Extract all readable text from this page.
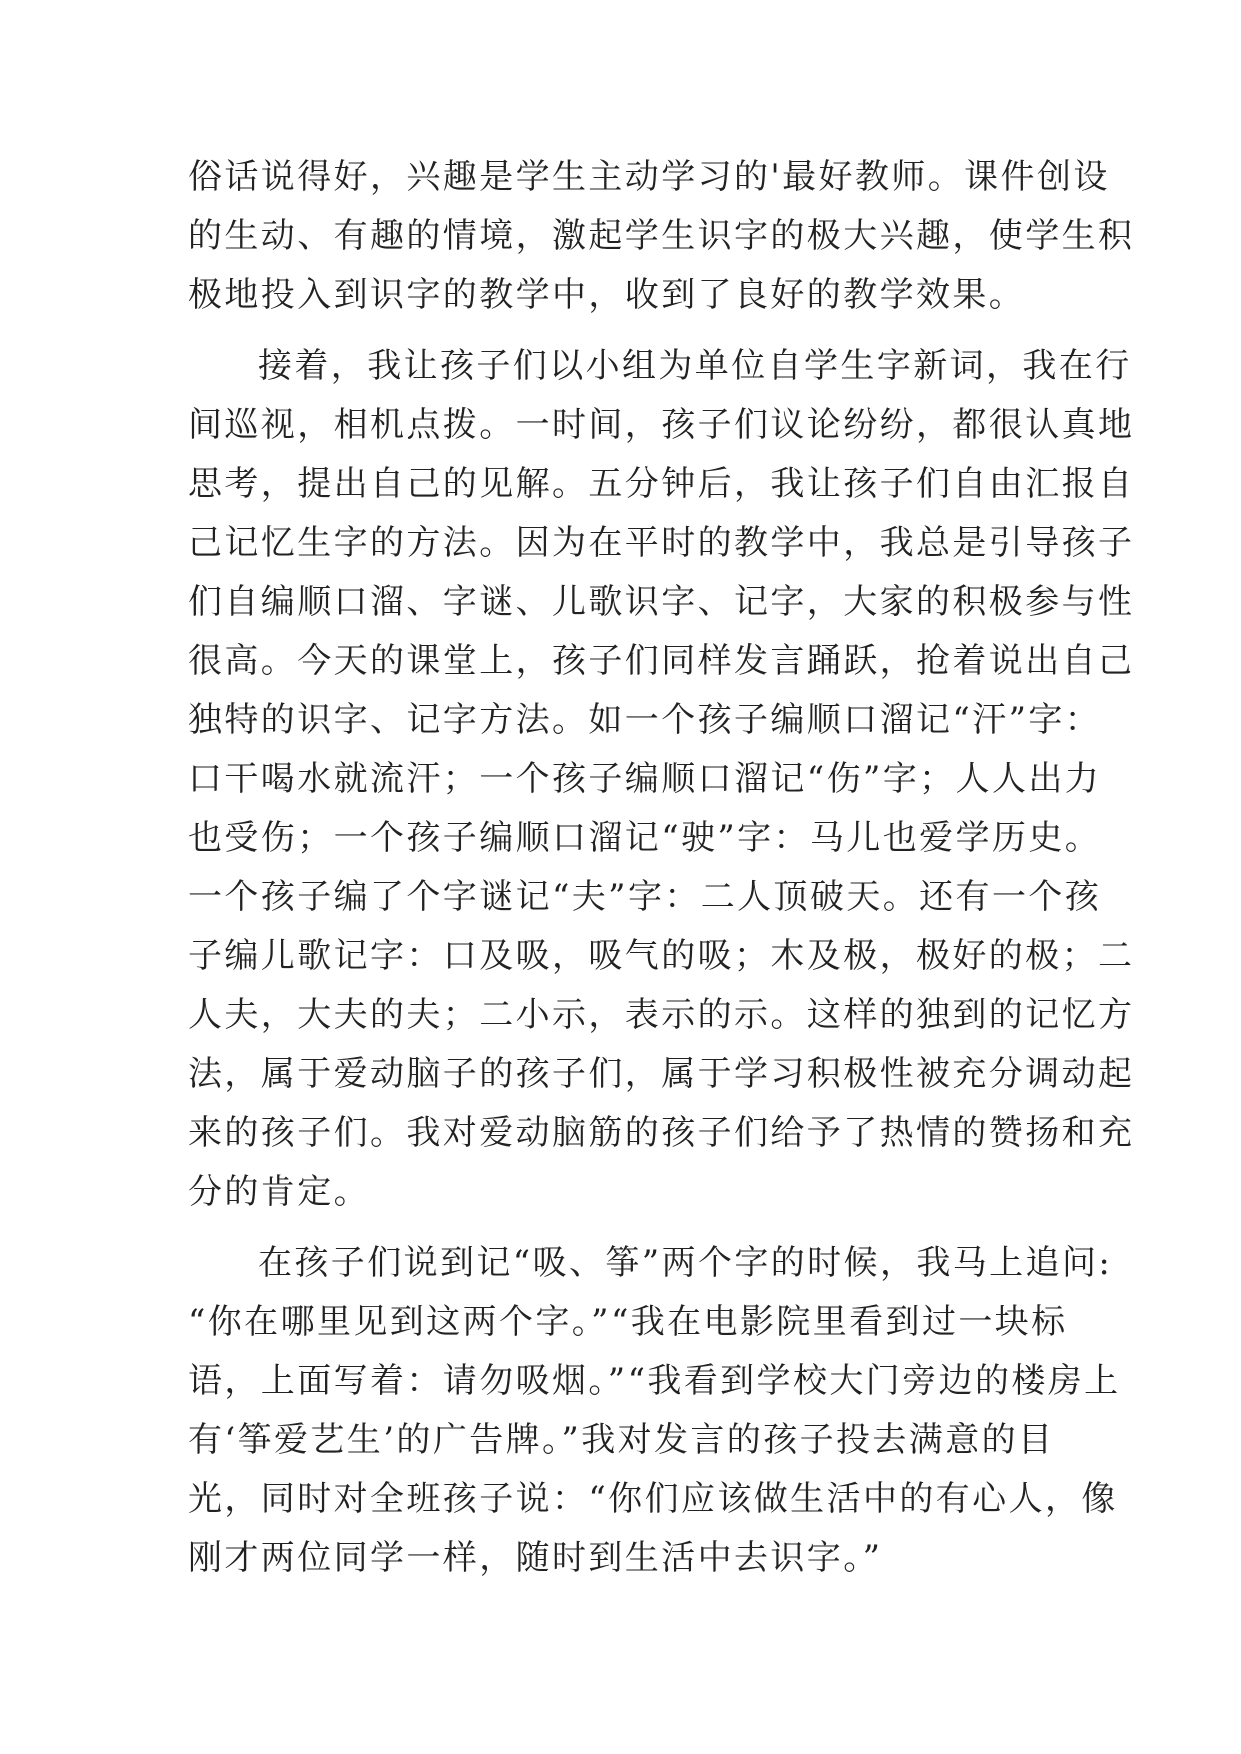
俗话说得好，兴趣是学生主动学习的'最好教师。课件创设
的生动、有趣的情境，激起学生识字的极大兴趣，使学生积
极地投入到识字的教学中，收到了良好的教学效果。
接着，我让孩子们以小组为单位自学生字新词，我在行
间巡视，相机点拨。一时间，孩子们议论纷纷，都很认真地
思考，提出自己的见解。五分钟后，我让孩子们自由汇报自
己记忆生字的方法。因为在平时的教学中，我总是引导孩子
们自编顺口溜、字谜、儿歌识字、记字，大家的积极参与性
很高。今天的课堂上，孩子们同样发言踊跃，抢着说出自己
独特的识字、记字方法。如一个孩子编顺口溜记“汗”字：
口干喝水就流汗；一个孩子编顺口溜记“伤”字；人人出力
也受伤；一个孩子编顺口溜记“驶”字：马儿也爱学历史。
一个孩子编了个字谜记“夫”字：二人顶破天。还有一个孩
子编儿歌记字：口及吸，吸气的吸；木及极，极好的极；二
人夫，大夫的夫；二小示，表示的示。这样的独到的记忆方
法，属于爱动脑子的孩子们，属于学习积极性被充分调动起
来的孩子们。我对爱动脑筋的孩子们给予了热情的赞扬和充
分的肯定。
在孩子们说到记“吸、筝”两个字的时候，我马上追问:
“你在哪里见到这两个字。”“我在电影院里看到过一块标
语，上面写着：请勿吸烟。”“我看到学校大门旁边的楼房上
有‘筝爱艺生’的广告牌。”我对发言的孩子投去满意的目
光，同时对全班孩子说：“你们应该做生活中的有心人，像
刚才两位同学一样，随时到生活中去识字。”
